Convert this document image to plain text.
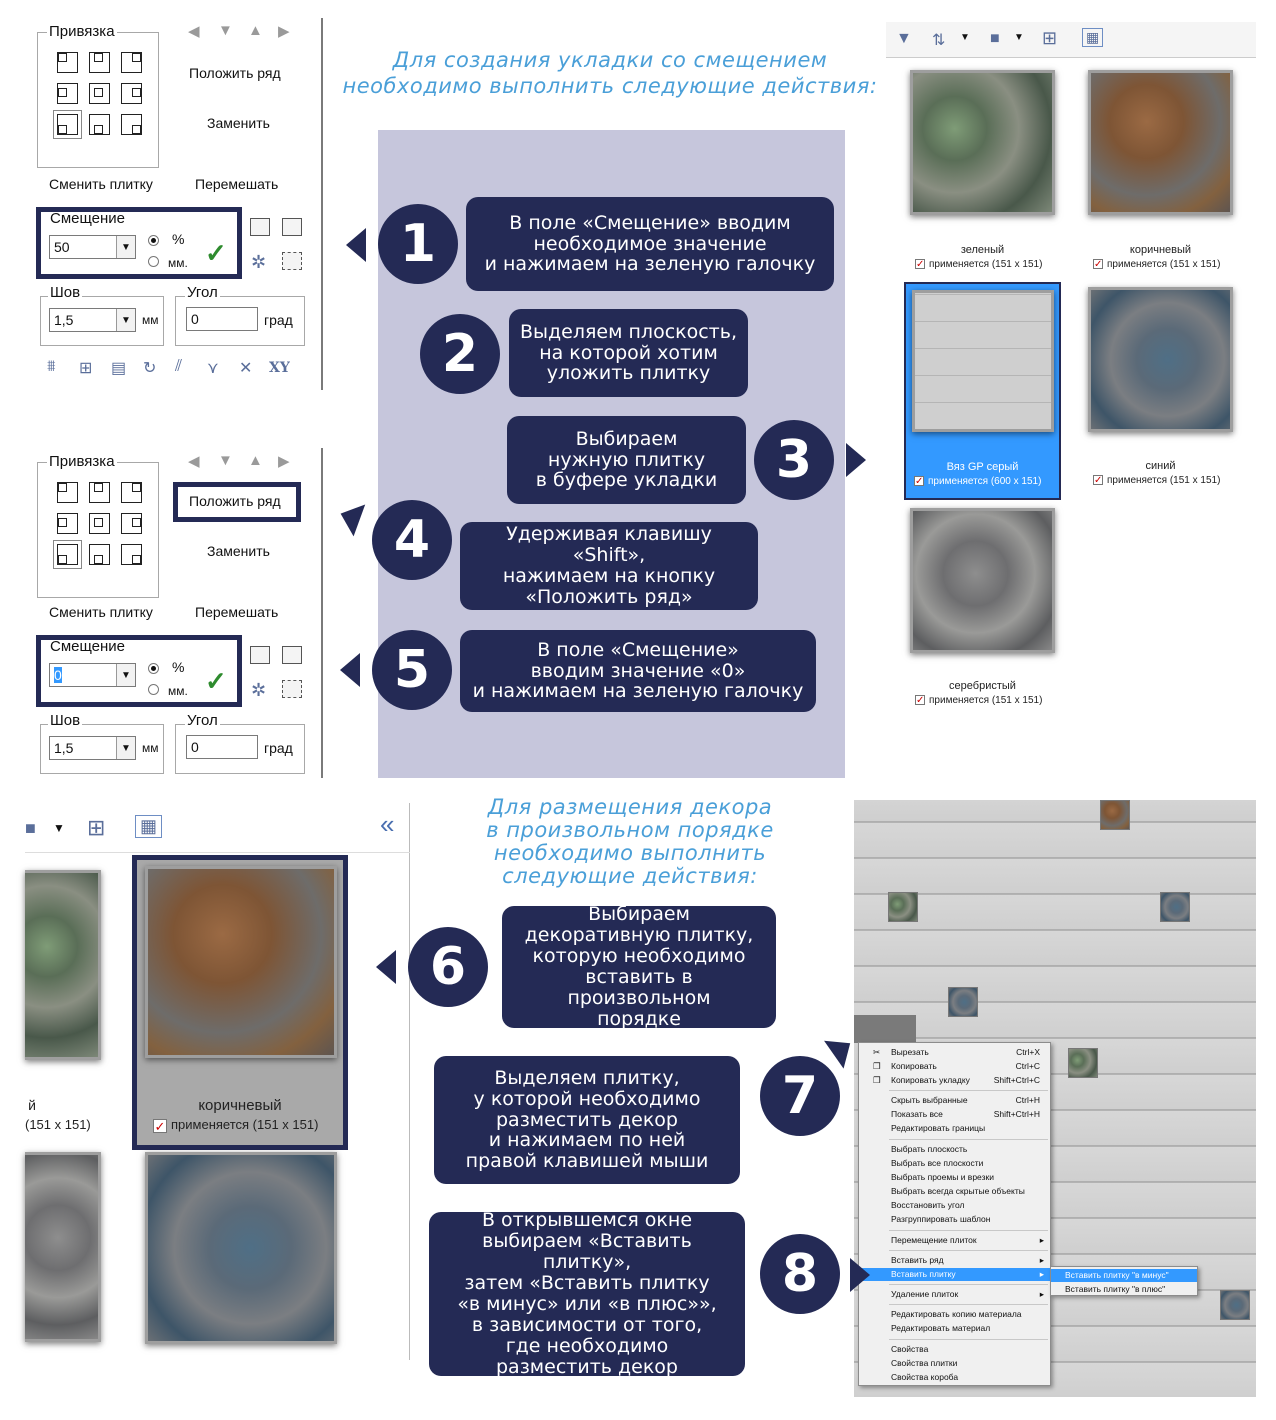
Для создания укладки со смещением
необходимо выполнить следующие действия:
Для размещения декора
в произвольном порядке
необходимо выполнить
следующие действия:
Привязка	◀ ▼ ▲ ▶
Положить ряд
Заменить
Сменить плитку	Перемешать
Смещение
50	▼	%
мм. ✓ ✲
Шов
1,5	▼ мм
Угол
0	град
⩩ ⊞ ▤ ↻ ⫽ ⋎ ✕ XY
Привязка	◀ ▼ ▲ ▶
Положить ряд
Заменить
Сменить плитку	Перемешать
Смещение
0	▼	%
мм. ✓ ✲
Шов
1,5	▼ мм
Угол
0	град
▼ ⇅ ▼ ■ ▼ ⊞ ▦
зеленый
✓ применяется (151 x 151)
коричневый
✓ применяется (151 x 151)
Вяз GP серый
✓ применяется (600 x 151)
синий
✓ применяется (151 x 151)
серебристый
✓ применяется (151 x 151)
■ ▼ ⊞ ▦	«
й
(151 x 151)
коричневый
✓ применяется (151 x 151)
✂ Вырезать	Ctrl+X
❐ Копировать	Ctrl+C
❐ Копировать укладку	Shift+Ctrl+C
Скрыть выбранные	Ctrl+H
Показать все	Shift+Ctrl+H
Редактировать границы
Выбрать плоскость
Выбрать все плоскости
Выбрать проемы и врезки
Выбрать всегда скрытые объекты
Восстановить угол
Разгруппировать шаблон
Перемещение плиток	▸
Вставить ряд	▸
Вставить плитку	▸
Удаление плиток	▸
Редактировать копию материала
Редактировать материал
Свойства
Свойства плитки
Свойства короба
Вставить плитку "в минус"
Вставить плитку "в плюс"
1	В поле «Смещение» вводим
необходимое значение
и нажимаем на зеленую галочку
2	Выделяем плоскость,
на которой хотим
уложить плитку
Выбираем
нужную плитку
в буфере укладки	3
4	Удерживая клавишу «Shift»,
нажимаем на кнопку
«Положить ряд»
5	В поле «Смещение»
вводим значение «0»
и нажимаем на зеленую галочку
6
Выбираем
декоративную плитку,
которую необходимо
вставить в произвольном
порядке
Выделяем плитку,
у которой необходимо
разместить декор
и нажимаем по ней
правой клавишей мыши
7
В открывшемся окне
выбираем «Вставить плитку»,
затем «Вставить плитку
«в минус» или «в плюс»»,
в зависимости от того,
где необходимо
разместить декор
8
